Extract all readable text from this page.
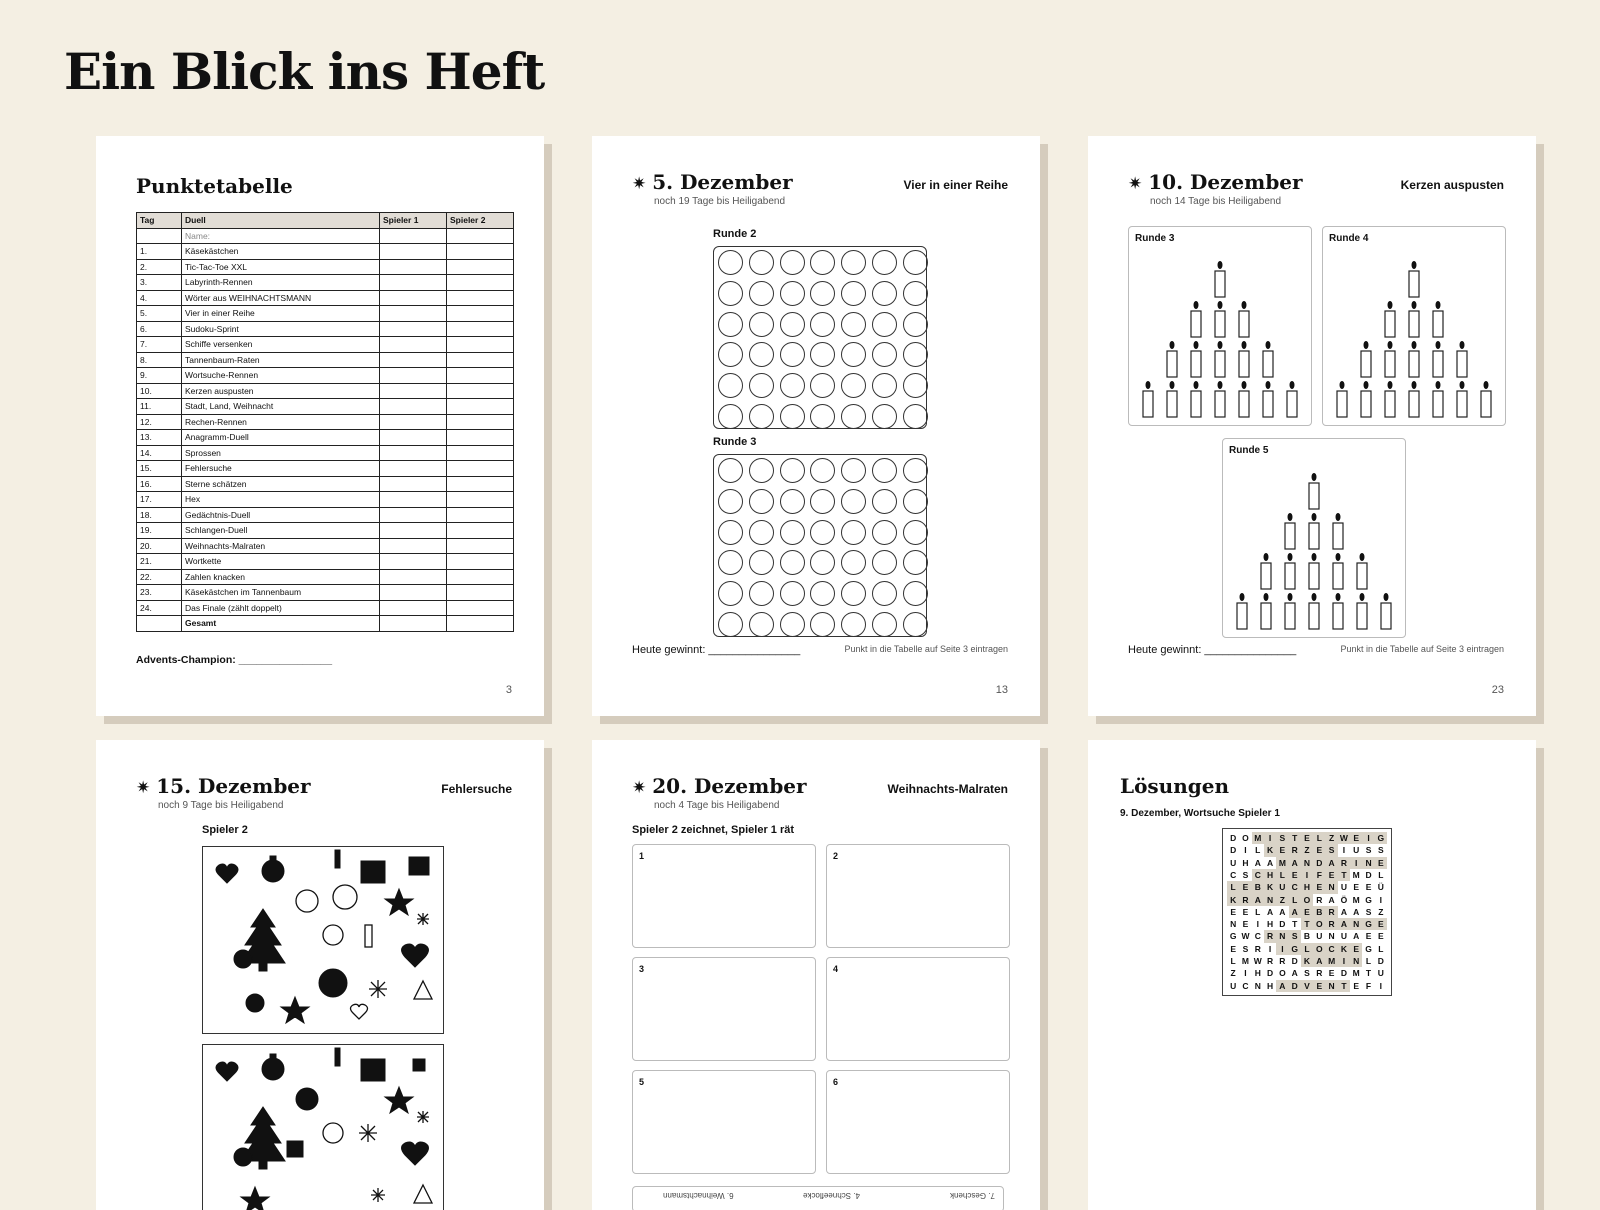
Ein Blick ins Heft
Punktetabelle
Tag	Duell	Spieler 1	Spieler 2
	Name:		
1.	Käsekästchen		
2.	Tic-Tac-Toe XXL		
3.	Labyrinth-Rennen		
4.	Wörter aus WEIHNACHTSMANN		
5.	Vier in einer Reihe		
6.	Sudoku-Sprint		
7.	Schiffe versenken		
8.	Tannenbaum-Raten		
9.	Wortsuche-Rennen		
10.	Kerzen auspusten		
11.	Stadt, Land, Weihnacht		
12.	Rechen-Rennen		
13.	Anagramm-Duell		
14.	Sprossen		
15.	Fehlersuche		
16.	Sterne schätzen		
17.	Hex		
18.	Gedächtnis-Duell		
19.	Schlangen-Duell		
20.	Weihnachts-Malraten		
21.	Wortkette		
22.	Zahlen knacken		
23.	Käsekästchen im Tannenbaum		
24.	Das Finale (zählt doppelt)		
	Gesamt		
Advents-Champion: ________________
3
✷ 5. Dezember
noch 19 Tage bis Heiligabend
Vier in einer Reihe
Runde 2
Runde 3
Heute gewinnt: _______________	Punkt in die Tabelle auf Seite 3 eintragen
13
✷ 10. Dezember
noch 14 Tage bis Heiligabend
Kerzen auspusten
Runde 3	Runde 4
Runde 5
Heute gewinnt: _______________	Punkt in die Tabelle auf Seite 3 eintragen
23
✷ 15. Dezember
noch 9 Tage bis Heiligabend
Fehlersuche
Spieler 2
✷ 20. Dezember
noch 4 Tage bis Heiligabend
Weihnachts-Malraten
Spieler 2 zeichnet, Spieler 1 rät
1	2
3	4
5	6
7. Geschenk
4. Schneeflocke
6. Weihnachtsmann
Lösungen
9. Dezember, Wortsuche Spieler 1
D O M I S T E L Z W E I G
D I	L K E R Z E S I U S S
U H A A M A N D A R I N E
C S C H L E I	F E T M D L
L E B K U C H E N U E E Ü
K R A N Z L O R A Ö M G I
E E L A A A E B R A A S Z
N E I H D T T O R A N G E
G W C R N S B U N U A E E
E S R I	I G L O C K E G L
L M W R R D K A M I N L D
Z	I H D O A S R E D M T U
U C N H A D V E N T E F	I
